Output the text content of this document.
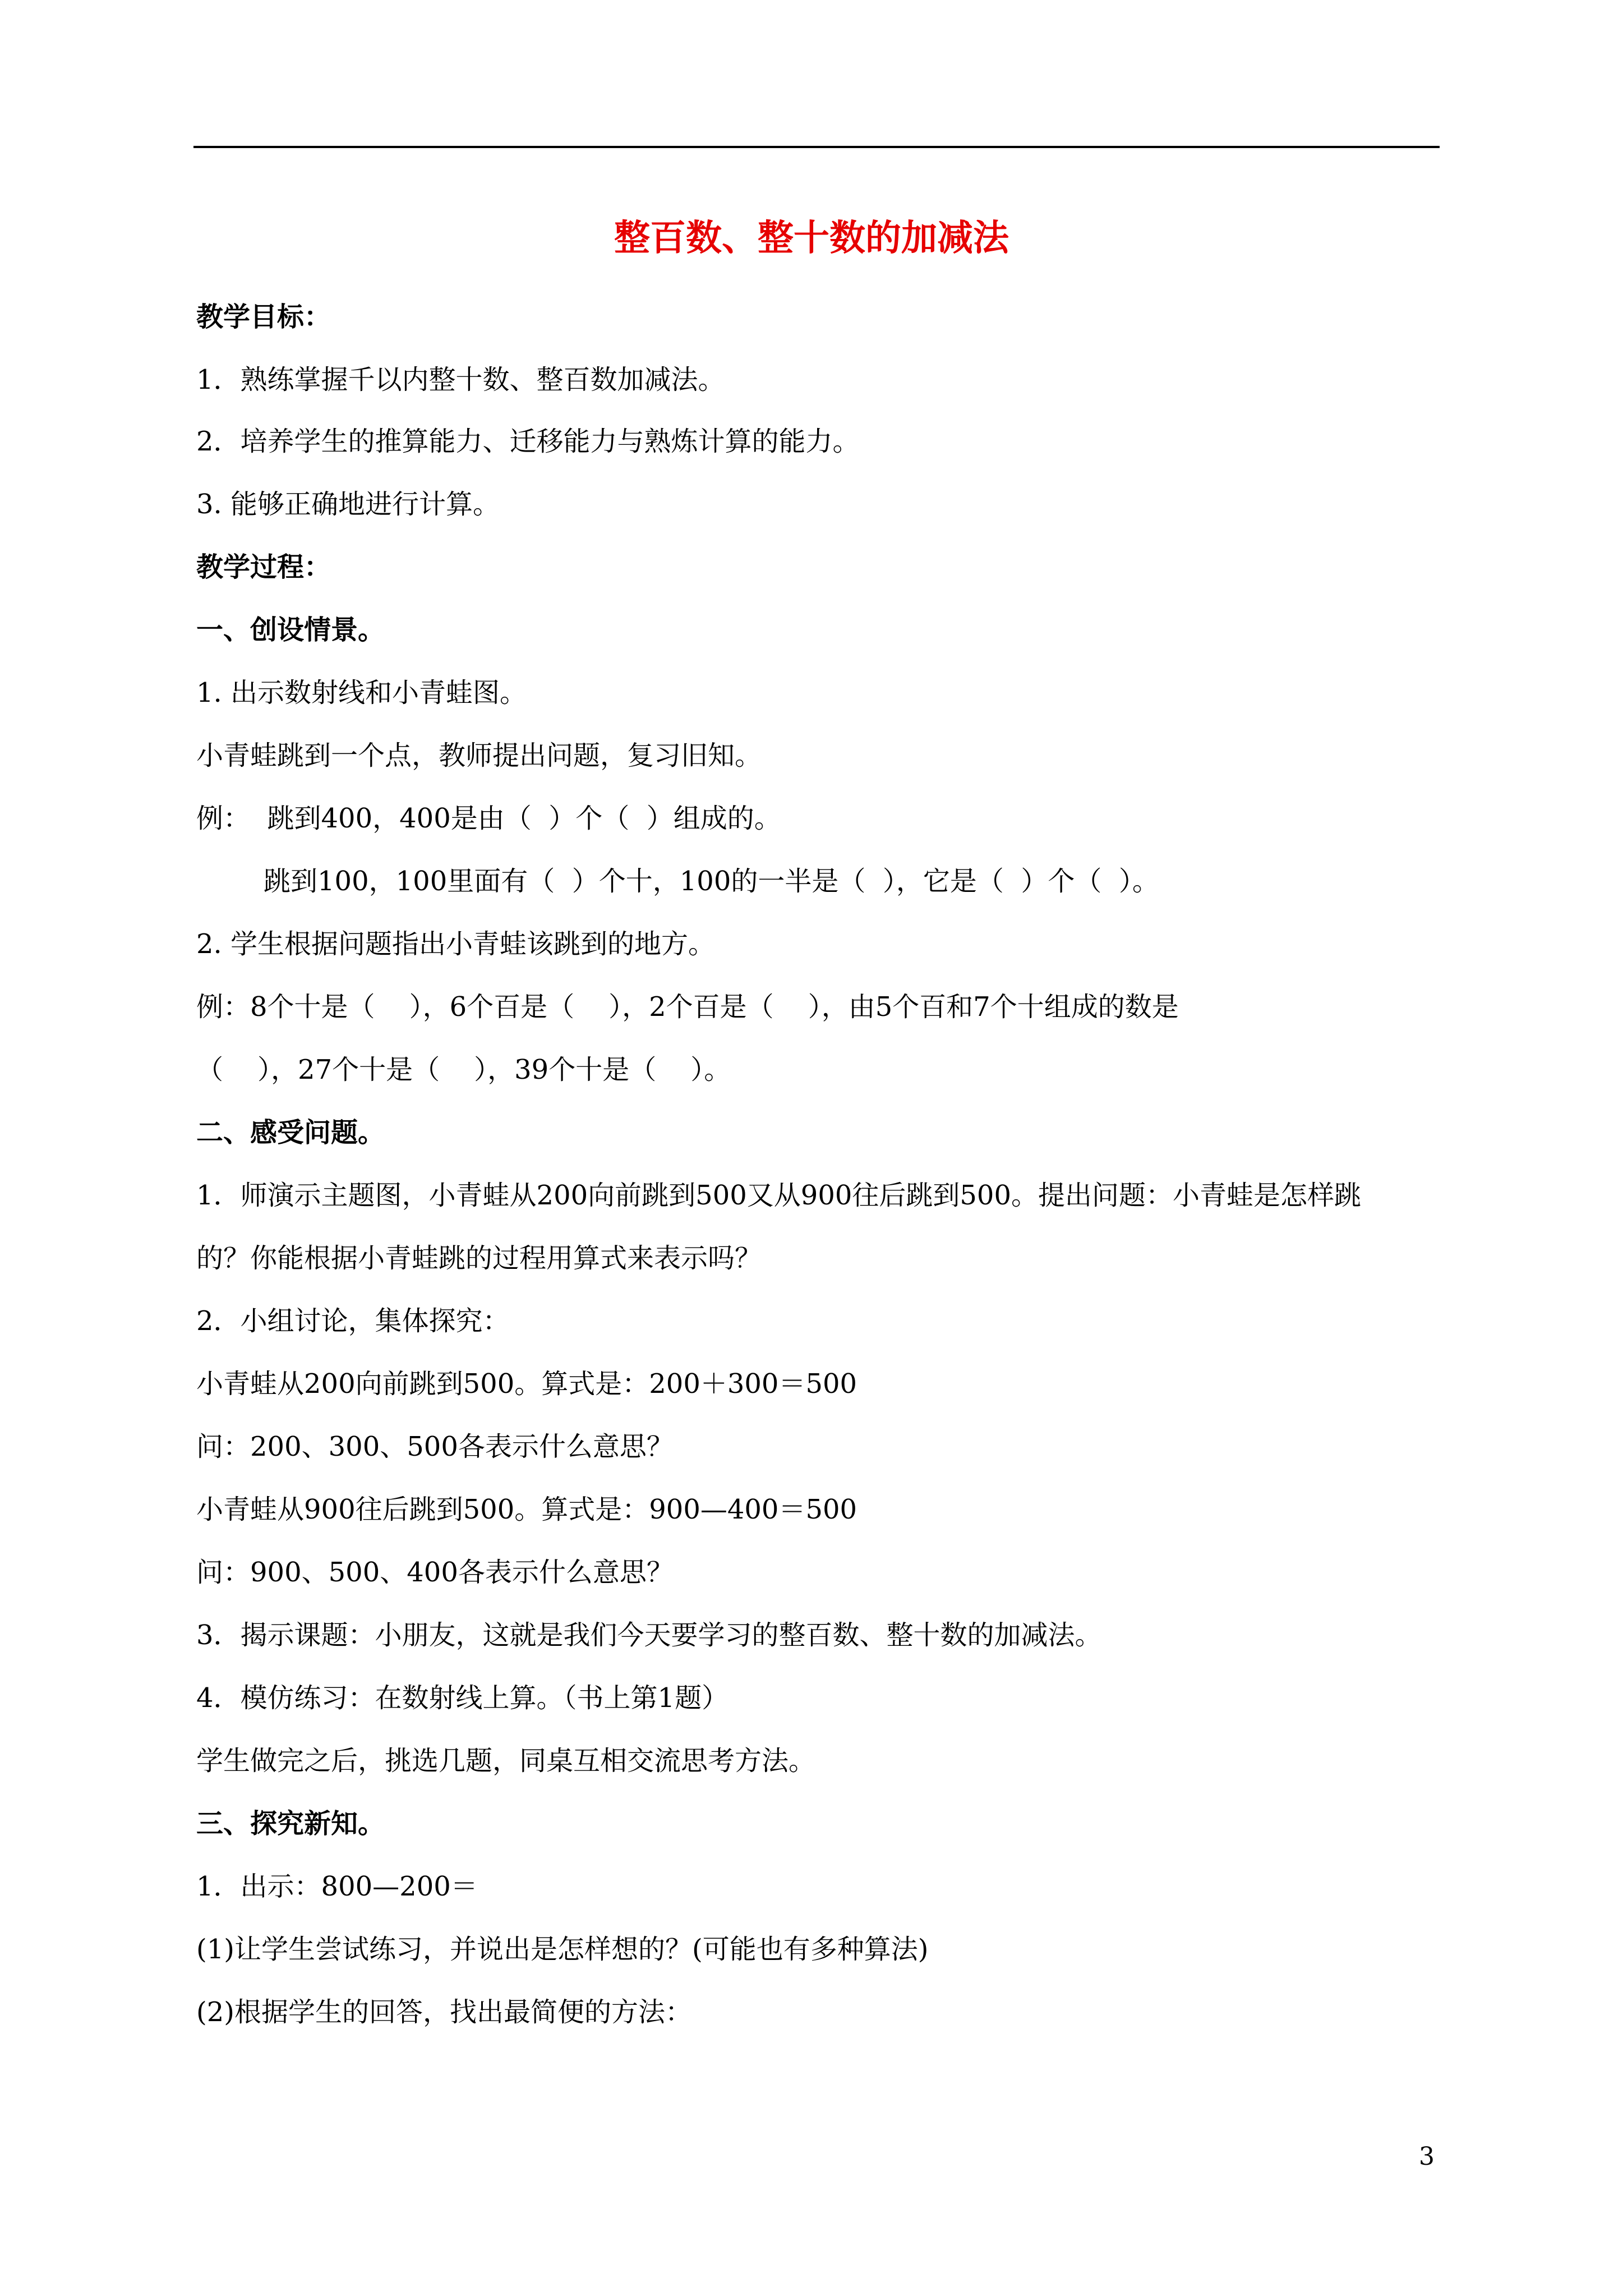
整百数、整十数的加减法
教学目标：
1．熟练掌握千以内整十数、整百数加减法。
2．培养学生的推算能力、迁移能力与熟炼计算的能力。
3. 能够正确地进行计算。
教学过程：
一、创设情景。
1. 出示数射线和小青蛙图。
小青蛙跳到一个点，教师提出问题，复习旧知。
例：  跳到400，400是由（  ）个（  ）组成的。
跳到100，100里面有（  ）个十，100的一半是（  ），它是（  ）个（  ）。
2. 学生根据问题指出小青蛙该跳到的地方。
例：8个十是（    ），6个百是（    ），2个百是（    ），由5个百和7个十组成的数是
（    ），27个十是（    ），39个十是（    ）。
二、感受问题。
1．师演示主题图，小青蛙从200向前跳到500又从900往后跳到500。提出问题：小青蛙是怎样跳
的？你能根据小青蛙跳的过程用算式来表示吗？
2．小组讨论，集体探究：
小青蛙从200向前跳到500。算式是：200＋300＝500
问：200、300、500各表示什么意思？
小青蛙从900往后跳到500。算式是：900—400＝500
问：900、500、400各表示什么意思？
3．揭示课题：小朋友，这就是我们今天要学习的整百数、整十数的加减法。
4．模仿练习：在数射线上算。（书上第1题）
学生做完之后，挑选几题，同桌互相交流思考方法。
三、探究新知。
1．出示：800—200＝
(1)让学生尝试练习，并说出是怎样想的？(可能也有多种算法)
(2)根据学生的回答，找出最简便的方法：
3
